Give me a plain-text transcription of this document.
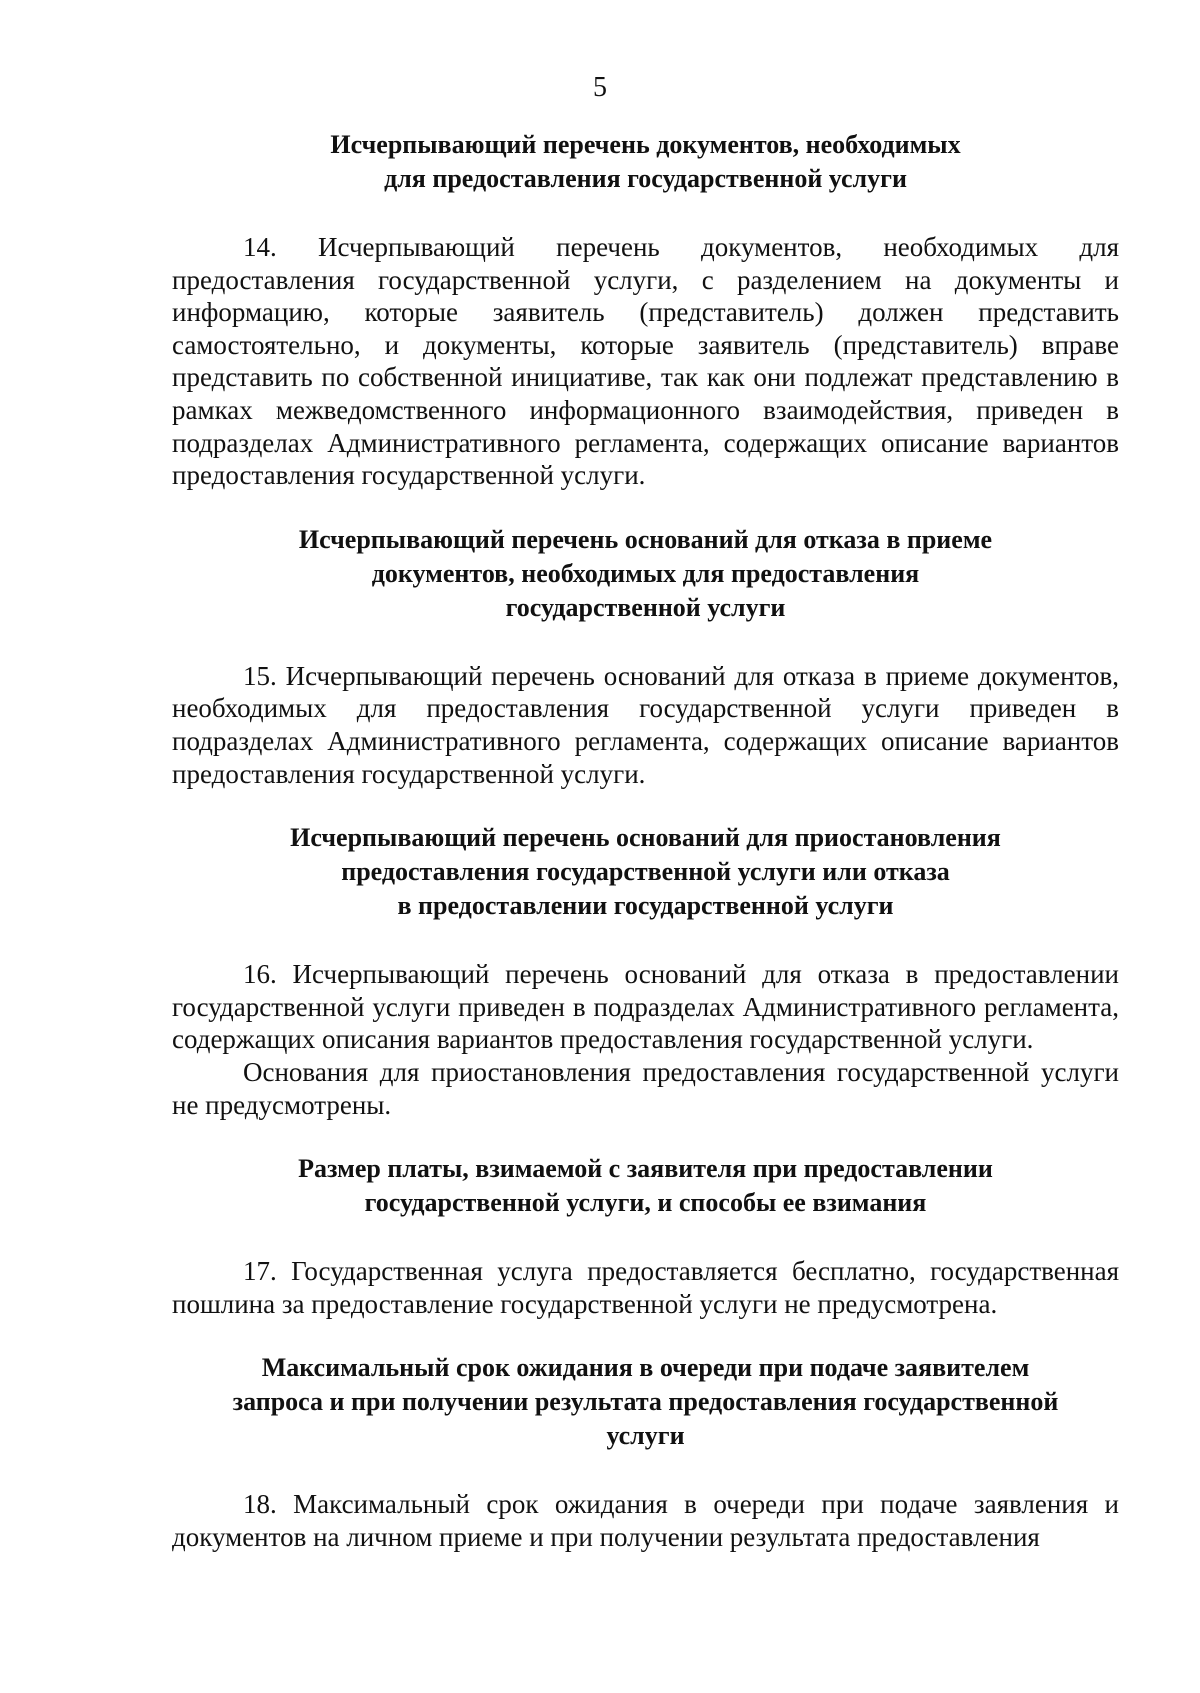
5

Исчерпывающий перечень документов, необходимых
для предоставления государственной услуги

14. Исчерпывающий перечень документов, необходимых для предоставления государственной услуги, с разделением на документы и информацию, которые заявитель (представитель) должен представить самостоятельно, и документы, которые заявитель (представитель) вправе представить по собственной инициативе, так как они подлежат представлению в рамках межведомственного информационного взаимодействия, приведен в подразделах Административного регламента, содержащих описание вариантов предоставления государственной услуги.

Исчерпывающий перечень оснований для отказа в приеме
документов, необходимых для предоставления
государственной услуги

15. Исчерпывающий перечень оснований для отказа в приеме документов, необходимых для предоставления государственной услуги приведен в подразделах Административного регламента, содержащих описание вариантов предоставления государственной услуги.

Исчерпывающий перечень оснований для приостановления
предоставления государственной услуги или отказа
в предоставлении государственной услуги

16. Исчерпывающий перечень оснований для отказа в предоставлении государственной услуги приведен в подразделах Административного регламента, содержащих описания вариантов предоставления государственной услуги.

Основания для приостановления предоставления государственной услуги не предусмотрены.

Размер платы, взимаемой с заявителя при предоставлении
государственной услуги, и способы ее взимания

17. Государственная услуга предоставляется бесплатно, государственная пошлина за предоставление государственной услуги не предусмотрена.

Максимальный срок ожидания в очереди при подаче заявителем
запроса и при получении результата предоставления государственной
услуги

18. Максимальный срок ожидания в очереди при подаче заявления и документов на личном приеме и при получении результата предоставления
